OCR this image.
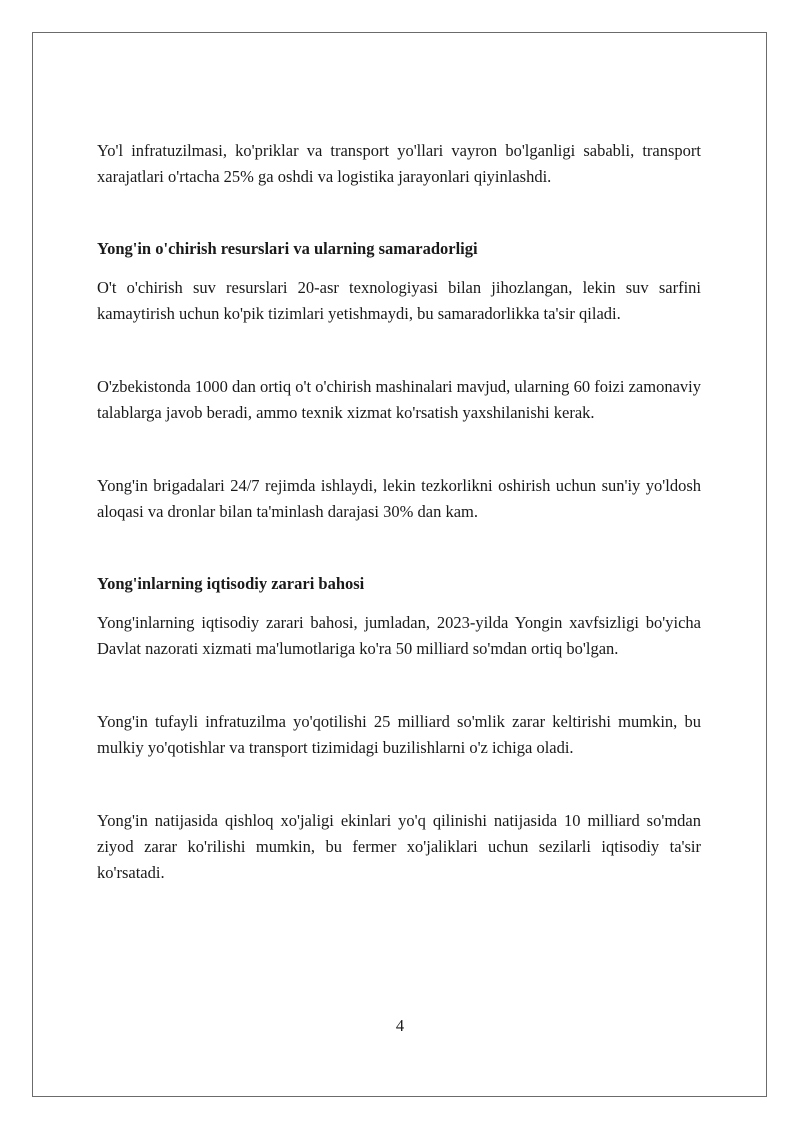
Yo'l infratuzilmasi, ko'priklar va transport yo'llari vayron bo'lganligi sababli, transport xarajatlari o'rtacha 25% ga oshdi va logistika jarayonlari qiyinlashdi.

Yong'in o'chirish resurslari va ularning samaradorligi

O't o'chirish suv resurslari 20-asr texnologiyasi bilan jihozlangan, lekin suv sarfini kamaytirish uchun ko'pik tizimlari yetishmaydi, bu samaradorlikka ta'sir qiladi.

O'zbekistonda 1000 dan ortiq o't o'chirish mashinalari mavjud, ularning 60 foizi zamonaviy talablarga javob beradi, ammo texnik xizmat ko'rsatish yaxshilanishi kerak.

Yong'in brigadalari 24/7 rejimda ishlaydi, lekin tezkorlikni oshirish uchun sun'iy yo'ldosh aloqasi va dronlar bilan ta'minlash darajasi 30% dan kam.

Yong'inlarning iqtisodiy zarari bahosi

Yong'inlarning iqtisodiy zarari bahosi, jumladan, 2023-yilda Yongin xavfsizligi bo'yicha Davlat nazorati xizmati ma'lumotlariga ko'ra 50 milliard so'mdan ortiq bo'lgan.

Yong'in tufayli infratuzilma yo'qotilishi 25 milliard so'mlik zarar keltirishi mumkin, bu mulkiy yo'qotishlar va transport tizimidagi buzilishlarni o'z ichiga oladi.

Yong'in natijasida qishloq xo'jaligi ekinlari yo'q qilinishi natijasida 10 milliard so'mdan ziyod zarar ko'rilishi mumkin, bu fermer xo'jaliklari uchun sezilarli iqtisodiy ta'sir ko'rsatadi.

4
